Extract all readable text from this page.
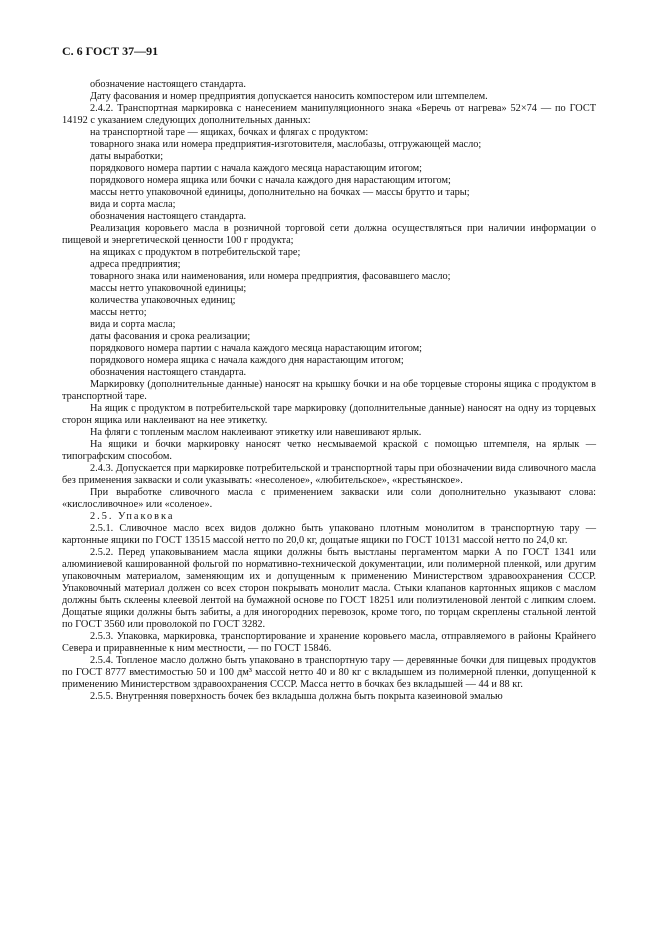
С. 6 ГОСТ 37—91

обозначение настоящего стандарта.

Дату фасования и номер предприятия допускается наносить компостером или штемпелем.

2.4.2. Транспортная маркировка с нанесением манипуляционного знака «Беречь от нагрева» 52×74 — по ГОСТ 14192 с указанием следующих дополнительных данных:

на транспортной таре — ящиках, бочках и флягах с продуктом:

товарного знака или номера предприятия-изготовителя, маслобазы, отгружающей масло;

даты выработки;

порядкового номера партии с начала каждого месяца нарастающим итогом;

порядкового номера ящика или бочки с начала каждого дня нарастающим итогом;

массы нетто упаковочной единицы, дополнительно на бочках — массы брутто и тары;

вида и сорта масла;

обозначения настоящего стандарта.

Реализация коровьего масла в розничной торговой сети должна осуществляться при наличии информации о пищевой и энергетической ценности 100 г продукта;

на ящиках с продуктом в потребительской таре;

адреса предприятия;

товарного знака или наименования, или номера предприятия, фасовавшего масло;

массы нетто упаковочной единицы;

количества упаковочных единиц;

массы нетто;

вида и сорта масла;

даты фасования и срока реализации;

порядкового номера партии с начала каждого месяца нарастающим итогом;

порядкового номера ящика с начала каждого дня нарастающим итогом;

обозначения настоящего стандарта.

Маркировку (дополнительные данные) наносят на крышку бочки и на обе торцевые стороны ящика с продуктом в транспортной таре.

На ящик с продуктом в потребительской таре маркировку (дополнительные данные) наносят на одну из торцевых сторон ящика или наклеивают на нее этикетку.

На фляги с топленым маслом наклеивают этикетку или навешивают ярлык.

На ящики и бочки маркировку наносят четко несмываемой краской с помощью штемпеля, на ярлык — типографским способом.

2.4.3. Допускается при маркировке потребительской и транспортной тары при обозначении вида сливочного масла без применения закваски и соли указывать: «несоленое», «любительское», «крестьянское».

При выработке сливочного масла с применением закваски или соли дополнительно указывают слова: «кислосливочное» или «соленое».

2.5. Упаковка

2.5.1. Сливочное масло всех видов должно быть упаковано плотным монолитом в транспортную тару — картонные ящики по ГОСТ 13515 массой нетто по 20,0 кг, дощатые ящики по ГОСТ 10131 массой нетто по 24,0 кг.

2.5.2. Перед упаковыванием масла ящики должны быть выстланы пергаментом марки А по ГОСТ 1341 или алюминиевой кашированной фольгой по нормативно-технической документации, или полимерной пленкой, или другим упаковочным материалом, заменяющим их и допущенным к применению Министерством здравоохранения СССР. Упаковочный материал должен со всех сторон покрывать монолит масла. Стыки клапанов картонных ящиков с маслом должны быть склеены клеевой лентой на бумажной основе по ГОСТ 18251 или полиэтиленовой лентой с липким слоем. Дощатые ящики должны быть забиты, а для иногородних перевозок, кроме того, по торцам скреплены стальной лентой по ГОСТ 3560 или проволокой по ГОСТ 3282.

2.5.3. Упаковка, маркировка, транспортирование и хранение коровьего масла, отправляемого в районы Крайнего Севера и приравненные к ним местности, — по ГОСТ 15846.

2.5.4. Топленое масло должно быть упаковано в транспортную тару — деревянные бочки для пищевых продуктов по ГОСТ 8777 вместимостью 50 и 100 дм³ массой нетто 40 и 80 кг с вкладышем из полимерной пленки, допущенной к применению Министерством здравоохранения СССР. Масса нетто в бочках без вкладышей — 44 и 88 кг.

2.5.5. Внутренняя поверхность бочек без вкладыша должна быть покрыта казеиновой эмалью
